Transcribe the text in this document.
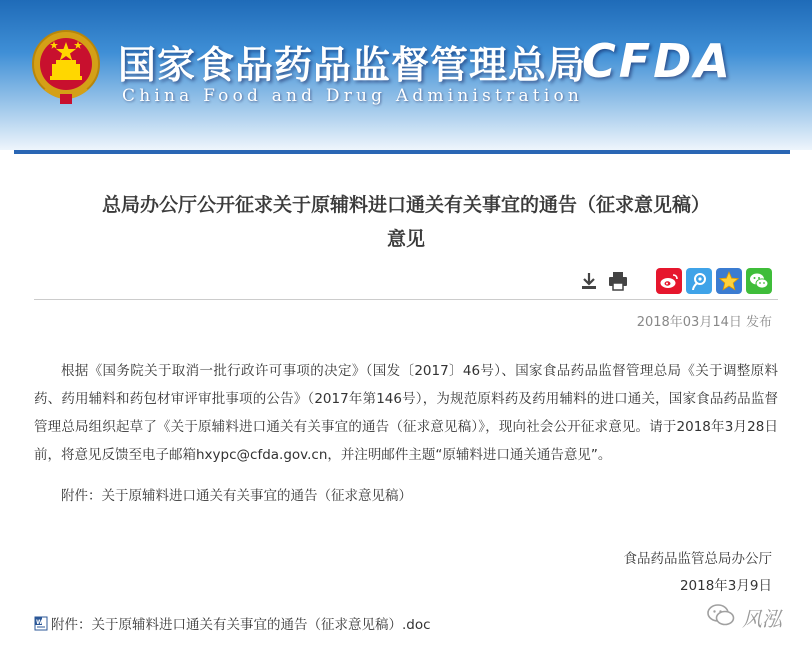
国家食品药品监督管理总局
China Food and Drug Administration
CFDA
总局办公厅公开征求关于原辅料进口通关有关事宜的通告（征求意见稿）
意见
2018年03月14日 发布
根据《国务院关于取消一批行政许可事项的决定》（国发〔2017〕46号）、国家食品药品监督管理总局《关于调整原料药、药用辅料和药包材审评审批事项的公告》（2017年第146号），为规范原料药及药用辅料的进口通关，国家食品药品监督管理总局组织起草了《关于原辅料进口通关有关事宜的通告（征求意见稿）》，现向社会公开征求意见。请于2018年3月28日前，将意见反馈至电子邮箱hxypc@cfda.gov.cn，并注明邮件主题“原辅料进口通关通告意见”。
附件：关于原辅料进口通关有关事宜的通告（征求意见稿）
食品药品监管总局办公厅
2018年3月9日
W 附件：关于原辅料进口通关有关事宜的通告（征求意见稿）.doc	风泓
